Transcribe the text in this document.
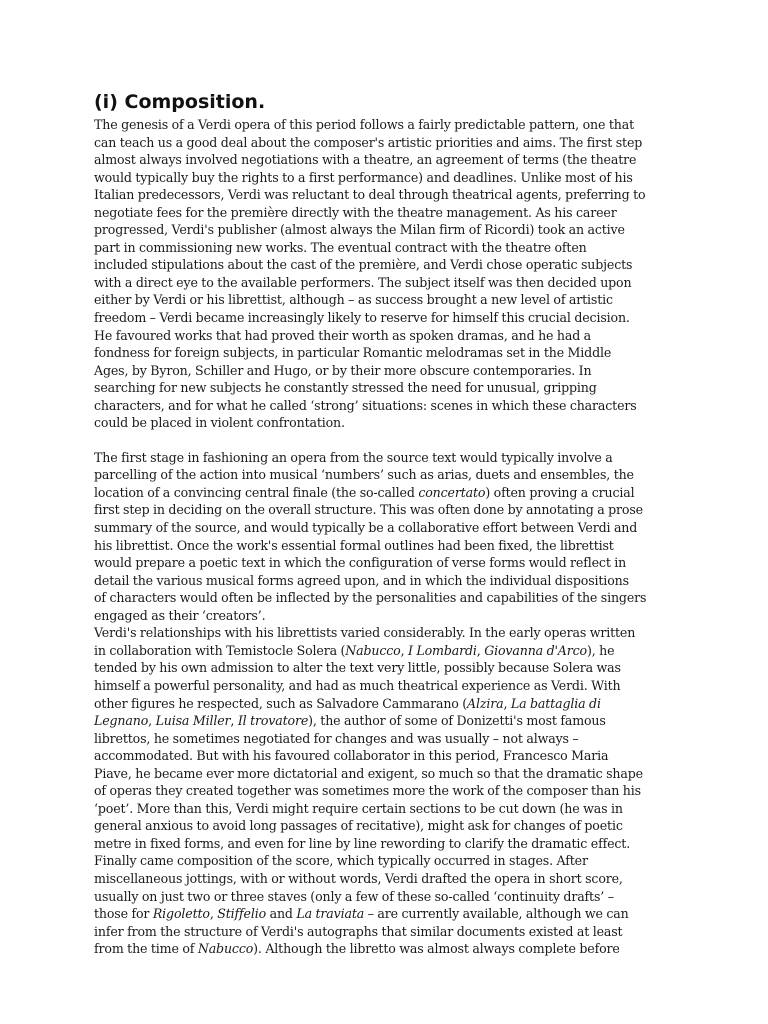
(i) Composition.

The genesis of a Verdi opera of this period follows a fairly predictable pattern, one that
can teach us a good deal about the composer's artistic priorities and aims. The first step
almost always involved negotiations with a theatre, an agreement of terms (the theatre
would typically buy the rights to a first performance) and deadlines. Unlike most of his
Italian predecessors, Verdi was reluctant to deal through theatrical agents, preferring to
negotiate fees for the première directly with the theatre management. As his career
progressed, Verdi's publisher (almost always the Milan firm of Ricordi) took an active
part in commissioning new works. The eventual contract with the theatre often
included stipulations about the cast of the première, and Verdi chose operatic subjects
with a direct eye to the available performers. The subject itself was then decided upon
either by Verdi or his librettist, although – as success brought a new level of artistic
freedom – Verdi became increasingly likely to reserve for himself this crucial decision.
He favoured works that had proved their worth as spoken dramas, and he had a
fondness for foreign subjects, in particular Romantic melodramas set in the Middle
Ages, by Byron, Schiller and Hugo, or by their more obscure contemporaries. In
searching for new subjects he constantly stressed the need for unusual, gripping
characters, and for what he called ‘strong’ situations: scenes in which these characters
could be placed in violent confrontation.

The first stage in fashioning an opera from the source text would typically involve a
parcelling of the action into musical ‘numbers’ such as arias, duets and ensembles, the
location of a convincing central finale (the so-called concertato) often proving a crucial
first step in deciding on the overall structure. This was often done by annotating a prose
summary of the source, and would typically be a collaborative effort between Verdi and
his librettist. Once the work's essential formal outlines had been fixed, the librettist
would prepare a poetic text in which the configuration of verse forms would reflect in
detail the various musical forms agreed upon, and in which the individual dispositions
of characters would often be inflected by the personalities and capabilities of the singers
engaged as their ‘creators’.

Verdi's relationships with his librettists varied considerably. In the early operas written
in collaboration with Temistocle Solera (Nabucco, I Lombardi, Giovanna d'Arco), he
tended by his own admission to alter the text very little, possibly because Solera was
himself a powerful personality, and had as much theatrical experience as Verdi. With
other figures he respected, such as Salvadore Cammarano (Alzira, La battaglia di
Legnano, Luisa Miller, Il trovatore), the author of some of Donizetti's most famous
librettos, he sometimes negotiated for changes and was usually – not always –
accommodated. But with his favoured collaborator in this period, Francesco Maria
Piave, he became ever more dictatorial and exigent, so much so that the dramatic shape
of operas they created together was sometimes more the work of the composer than his
‘poet’. More than this, Verdi might require certain sections to be cut down (he was in
general anxious to avoid long passages of recitative), might ask for changes of poetic
metre in fixed forms, and even for line by line rewording to clarify the dramatic effect.
Finally came composition of the score, which typically occurred in stages. After
miscellaneous jottings, with or without words, Verdi drafted the opera in short score,
usually on just two or three staves (only a few of these so-called ‘continuity drafts’ –
those for Rigoletto, Stiffelio and La traviata – are currently available, although we can
infer from the structure of Verdi's autographs that similar documents existed at least
from the time of Nabucco). Although the libretto was almost always complete before
